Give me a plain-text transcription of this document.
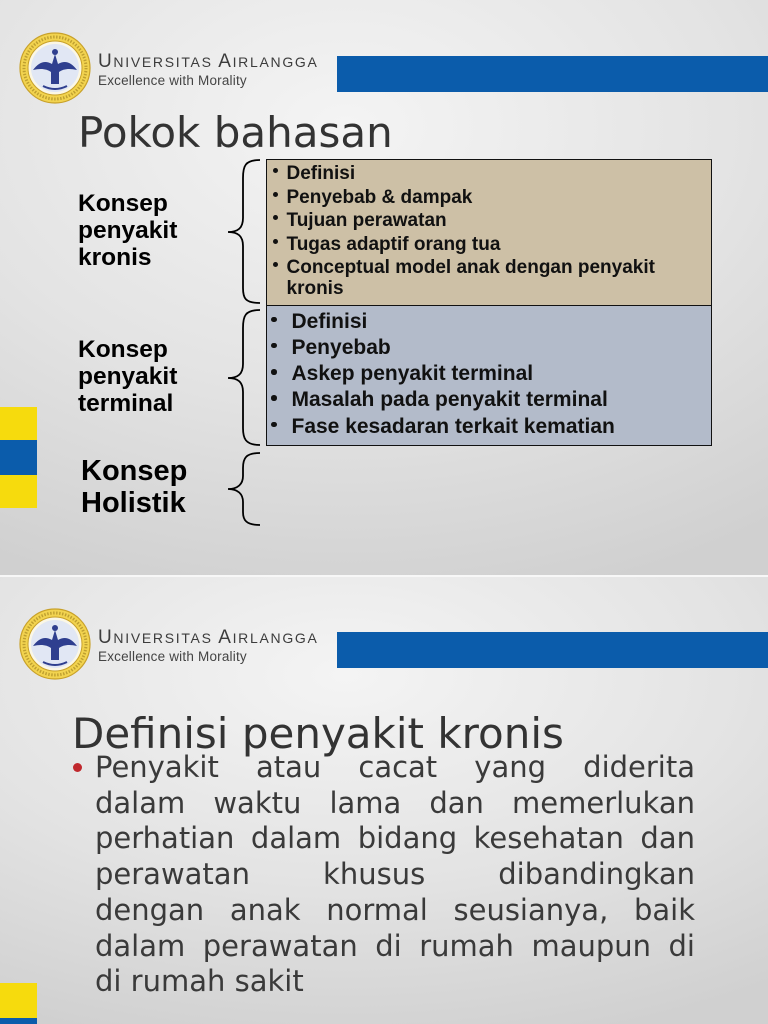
UNIVERSITAS AIRLANGGA
Excellence with Morality
Pokok bahasan
Konsep penyakit kronis
Konsep penyakit terminal
Konsep Holistik
Definisi
Penyebab & dampak
Tujuan perawatan
Tugas adaptif orang tua
Conceptual model anak dengan penyakit kronis
Definisi
Penyebab
Askep penyakit terminal
Masalah pada penyakit terminal
Fase kesadaran terkait kematian
UNIVERSITAS AIRLANGGA
Excellence with Morality
Definisi penyakit kronis
Penyakit atau cacat yang diderita
dalam waktu lama dan memerlukan
perhatian dalam bidang kesehatan dan
perawatan khusus dibandingkan
dengan anak normal seusianya, baik
dalam perawatan di rumah maupun di
di rumah sakit
